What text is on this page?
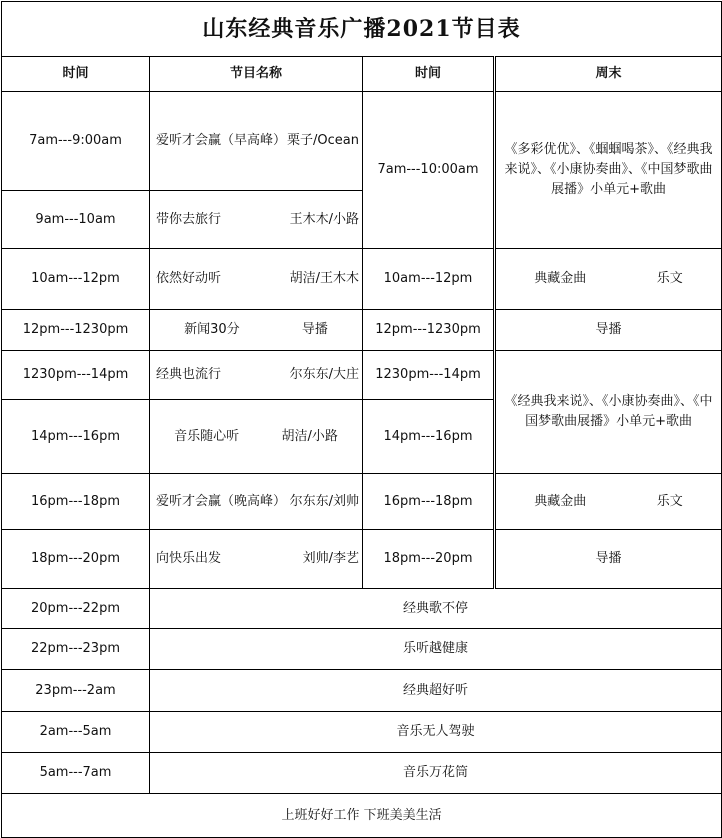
山东经典音乐广播2021节目表			
时间	节目名称	时间	周末
7am---9:00am	爱听才会赢（早高峰） 栗子/Ocean	7am---10:00am	《多彩优优》、《蝈蝈喝茶》、《经典我来说》、《小康协奏曲》、《中国梦歌曲展播》小单元+歌曲
9am---10am	带你去旅行 王木木/小路		

10am---12pm	依然好动听 胡洁/王木木	10am---12pm	典藏金曲 乐文

12pm---1230pm	新闻30分 导播	12pm---1230pm	导播
1230pm---14pm	经典也流行 尔东东/大庄	1230pm---14pm	《经典我来说》、《小康协奏曲》、《中国梦歌曲展播》小单元+歌曲
14pm---16pm	音乐随心听 胡洁/小路	14pm---16pm	
16pm---18pm	爱听才会赢（晚高峰） 尔东东/刘帅	16pm---18pm	典藏金曲 乐文

18pm---20pm	向快乐出发 刘帅/李艺	18pm---20pm	导播
20pm---22pm	经典歌不停		
22pm---23pm	乐听越健康		
23pm---2am	经典超好听		
2am---5am	音乐无人驾驶		
5am---7am	音乐万花筒		
上班好好工作 下班美美生活			
